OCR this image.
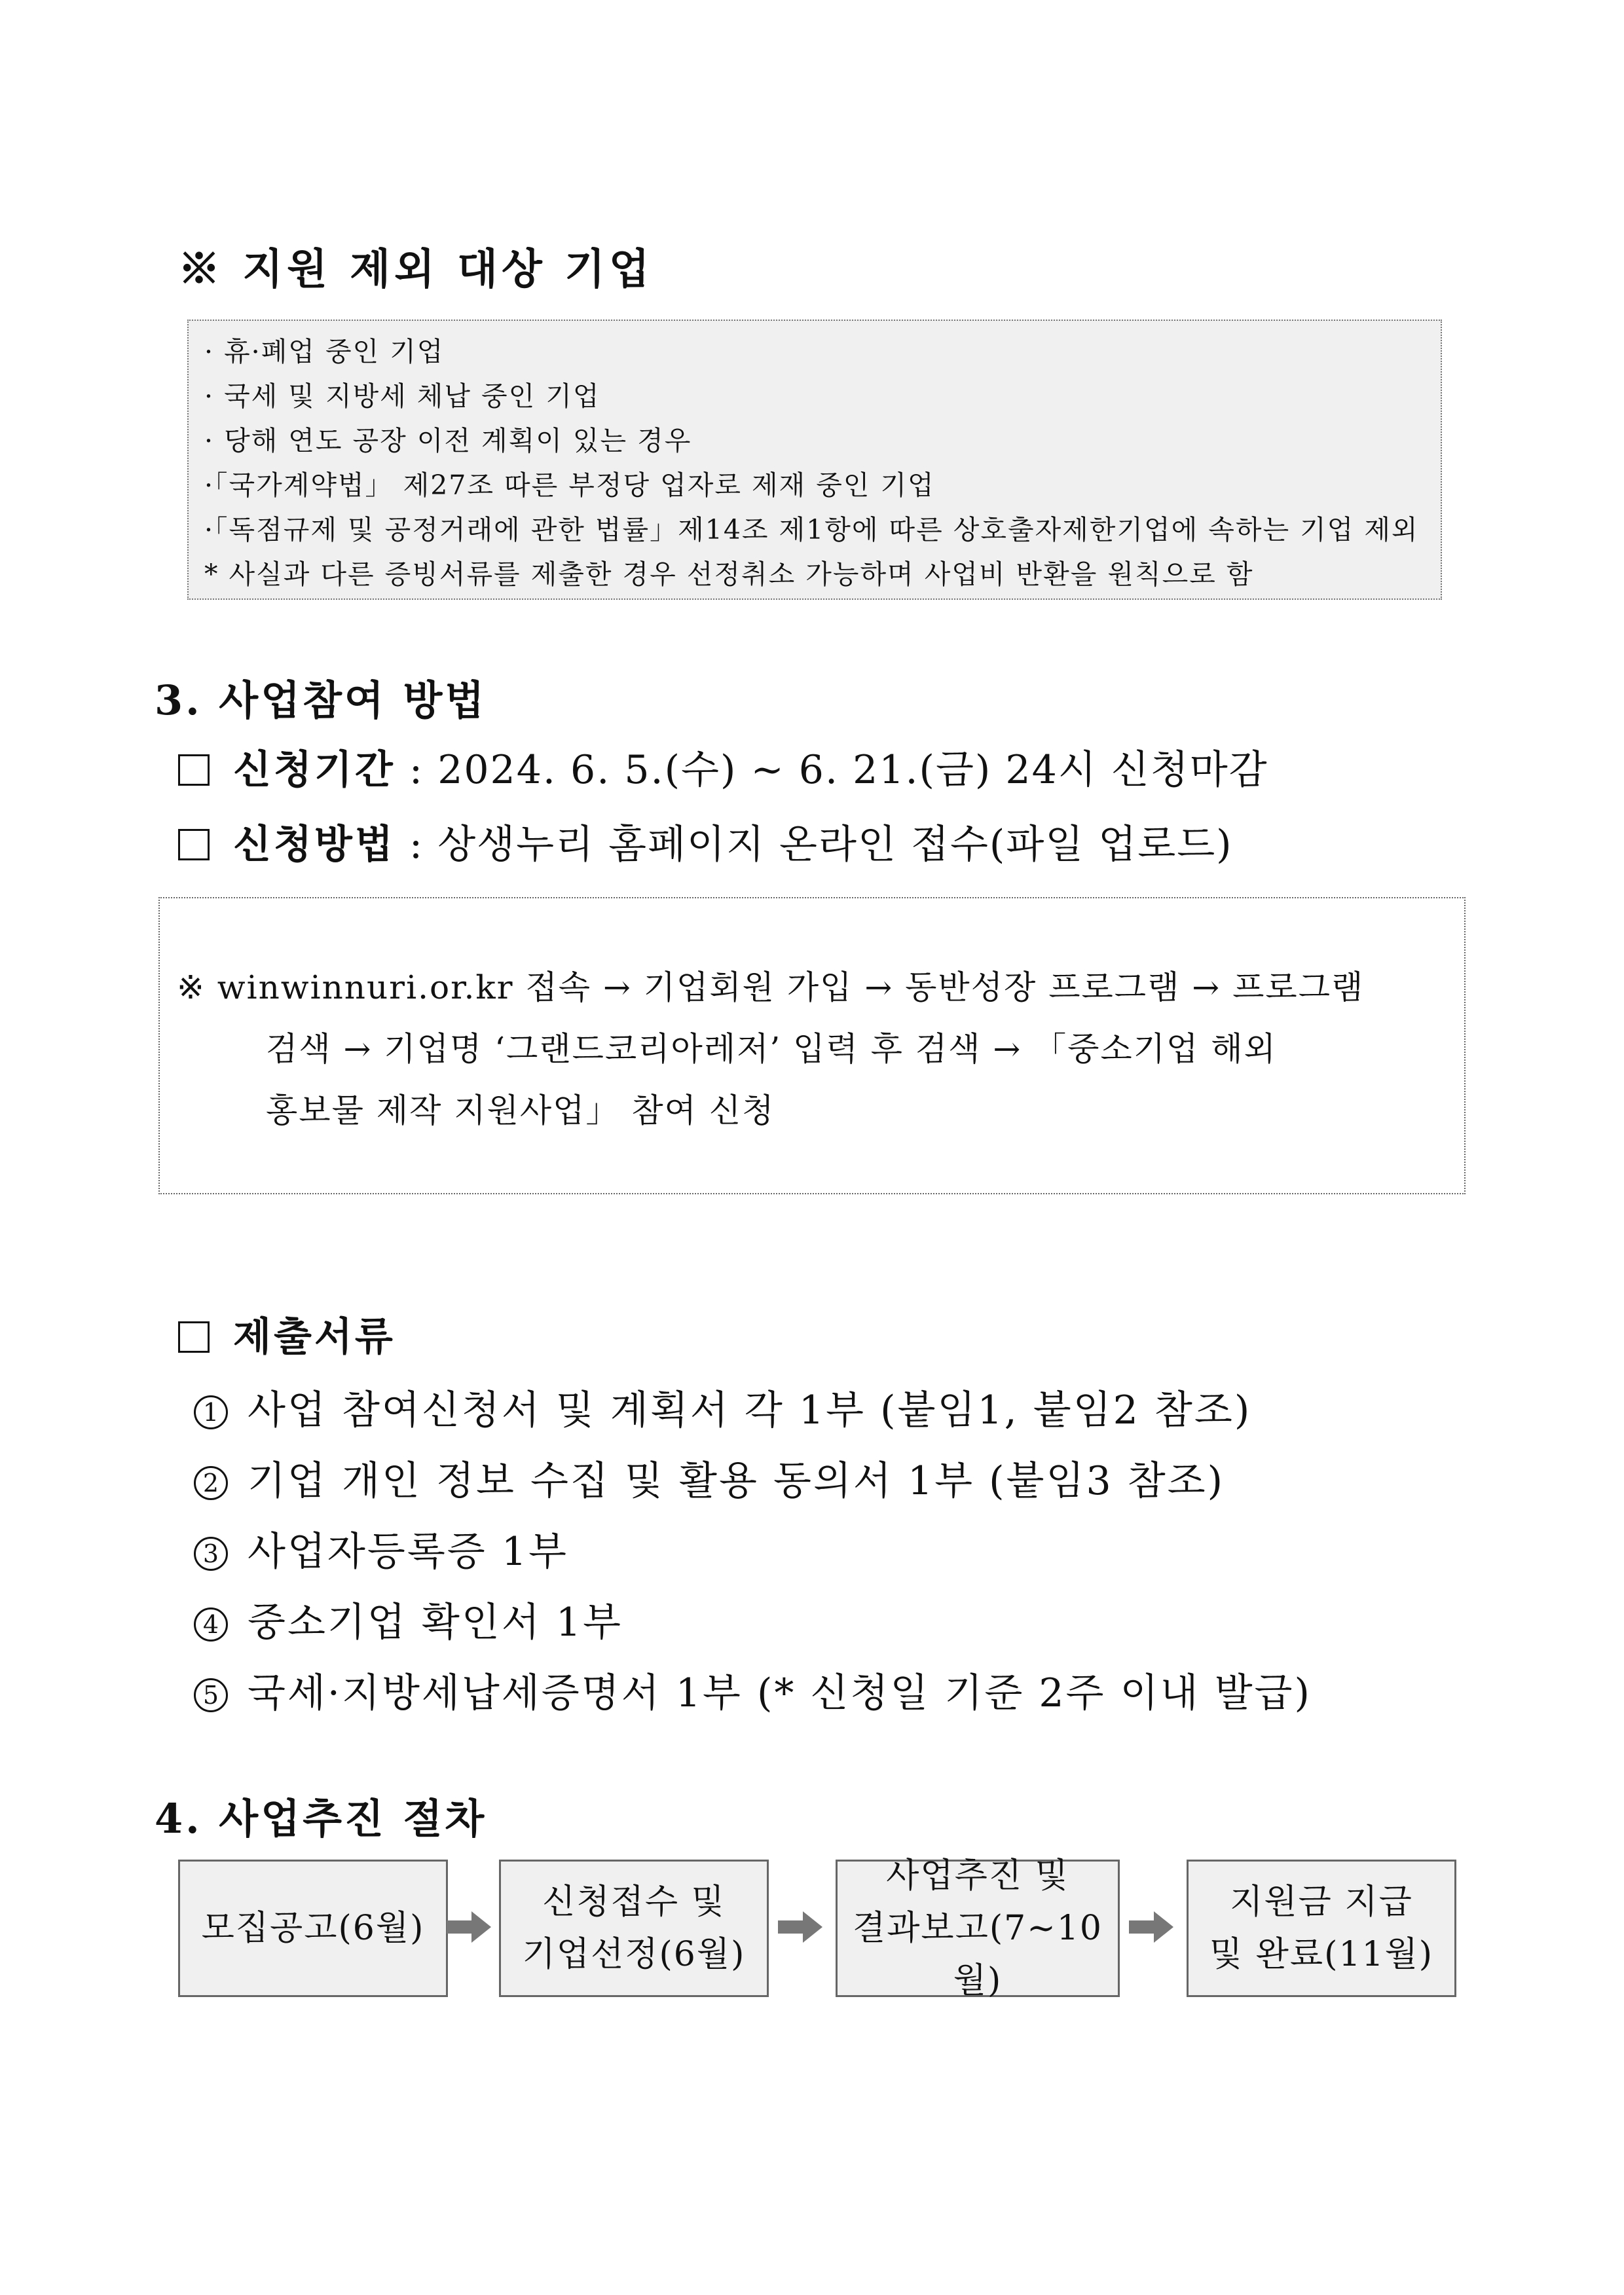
※ 지원 제외 대상 기업
· 휴·폐업 중인 기업
· 국세 및 지방세 체납 중인 기업
· 당해 연도 공장 이전 계획이 있는 경우
·「국가계약법」 제27조 따른 부정당 업자로 제재 중인 기업
·「독점규제 및 공정거래에 관한 법률」제14조 제1항에 따른 상호출자제한기업에 속하는 기업 제외
* 사실과 다른 증빙서류를 제출한 경우 선정취소 가능하며 사업비 반환을 원칙으로 함
3. 사업참여 방법
신청기간 : 2024. 6. 5.(수) ~ 6. 21.(금) 24시 신청마감
신청방법 : 상생누리 홈페이지 온라인 접수(파일 업로드)
※ winwinnuri.or.kr 접속 → 기업회원 가입 → 동반성장 프로그램 → 프로그램
검색 → 기업명 ‘그랜드코리아레저’ 입력 후 검색 → 「중소기업 해외
홍보물 제작 지원사업」 참여 신청
제출서류
1 사업 참여신청서 및 계획서 각 1부 (붙임1, 붙임2 참조)
2 기업 개인 정보 수집 및 활용 동의서 1부 (붙임3 참조)
3 사업자등록증 1부
4 중소기업 확인서 1부
5 국세·지방세납세증명서 1부 (* 신청일 기준 2주 이내 발급)
4. 사업추진 절차
모집공고(6월)
신청접수 및
기업선정(6월)
사업추진 및
결과보고(7~10월)
지원금 지급
및 완료(11월)
